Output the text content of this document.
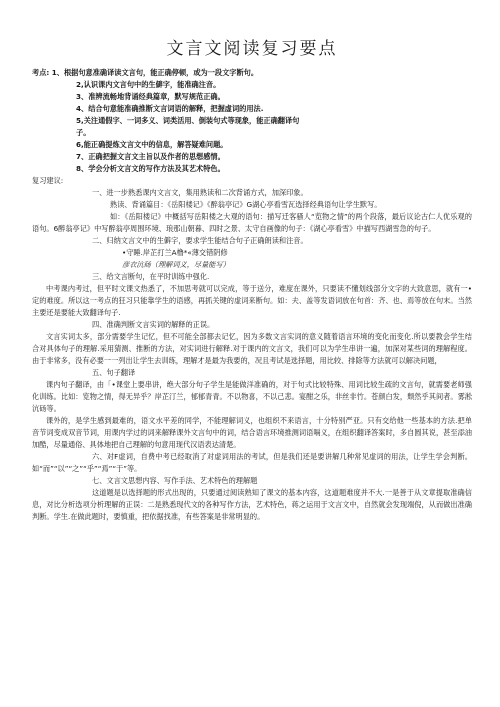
文言文阅读复习要点
考点: 1、根据句意准确译读文言句，能正确停顿，或为一段文字断句。
2,认识课内文言句中的生僻字，能准确注音。
3、准辨流畅地背诵经典篇章，默写规范正确。
4、结合句意能准确推断文言词语的解释，把握虚词的用法.
5,关注通假字、一词多义、词类活用、倒装句式等现象，能正确翻译句
子。
6,能正确提炼文言文中的信息，解答疑难问题。
7、正确把握文言文主旨以及作者的思想感情。
8、学会分析文言文的写作方法及其艺术特色。
复习建议:
一、进一步熟悉课内文言文，集用熟读和二次背诵方式，加深印象。
熟读、背诵篇目：《岳阳楼记》《醉翁亭记》G湖心亭看雪瓦选择经典语句让学生默写。
如：《岳阳楼记》中概括写岳阳楼之大观的语句：描写迁客骚人“览物之情”的两个段落，最后议论古仁人优乐观的语句。6醉翁亭记》中写醉翁亭周围环境、琅那山朝暮、四时之景、太守自画像的句子：《湖心亭看雪》中描写西湖雪急的句子。
二、归纳文言文中的生僻字，要求学生能结合句子正确朗读和注音。
•守睡.岸芷打兰A橹*«薄交错阴修
彦衣沆砀（理解词义，尽量能写）
三、给文言断句，在平时训练中强化.
中考课内考过，但平时文课文热悉了，不加思考就可以完成，等于送分，难度在课外，只要读不懂划线部分文字的大致意思，就有一•定的难度。所以这一考点的狂习只能靠学生的语感，再抓关键的虚词来断句。如：夫、盖等发语词放在句首：齐、也、焉等放在句末。当然主要还是要能大致翻译句子.
四、准确判断文言实词的解释的正误。
文言实词太多，部分需要学生记忆，但不可能全部都去记忆，因为多数文言实词的意义随着语言环境的变化而变化.所以要教会学生结合对具体句子的理解.采用猜测、推断的方法，对实词进行解释.对于课内的文言文，我们可以为学生串讲一遍，加深对某些词的理解程度。由于非常多，没有必要一一列出让学生去训练，理解才是最为我要的，况且考试是选择题，用比较、排除等方法就可以解决问题，
五、句子翻译
课内句子翻译，由「•课堂上要串讲，绝大部分句子学生是能做洋准确的，对于句式比较特殊、用词比较生疏的文言句，就需要老师强化训练。比如：览物之情，得无异乎？岸芷汀兰，郁郁青青。不以物喜，不以己悲。宴酣之乐，非丝非竹。苍颜白发，颓然乎其间者。雾淞沆砀等。
课外的，是学生感到最难的，语文水平差的同学，不能理解词义，也组织不来语言，十分特别严亚。只有交给他一些基本的方法.把单音节词变成双音节词，用课内学过的词来解释课外文言句中的词，结合语言环境推测词语嗝义，在组织翻译答案时，多自圆其说，甚至添油加酷，尽量通俗、具体地把自己理解的句意用现代汉语表达清楚。
六、对F虚词，自费中考已经取消了对虚词用法的考试，但是我们还是要讲解几种常见虚词的用法，让学生学会判断。如“而”“以”“之”“乎”“焉”“于”等。
七、文言文思想内容、写作手法、艺术特色的理解题
这道题是以选择题的形式出现的，只要通过阅读熟知了课文的基本内容，这道题难度并不大.一是善于从文章提取准确信息，对比分析选项分析理解的正误：二是熟悉现代文的各种写作方法，艺术特色，蒋之运用于文言文中，自然就会发现端倪，从而做出准确判断。学生.在做此题时，要慎重，把依据找准，有些答案是非常明显的。
